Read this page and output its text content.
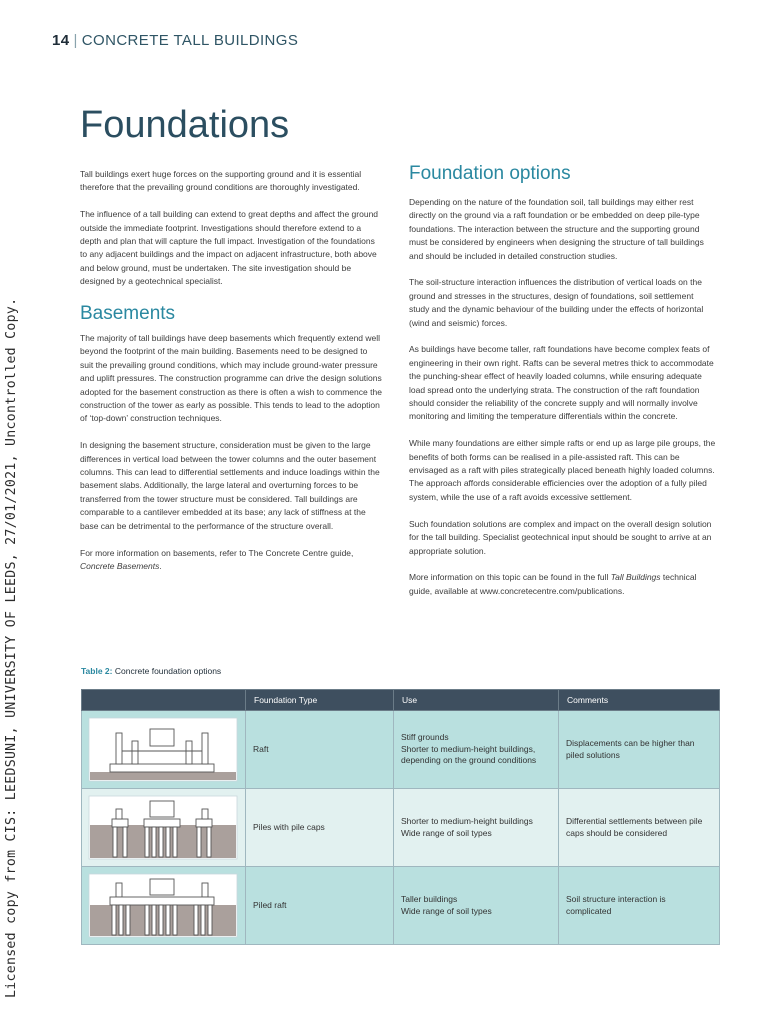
14 | CONCRETE TALL BUILDINGS
Licensed copy from CIS: LEEDSUNI, UNIVERSITY OF LEEDS, 27/01/2021, Uncontrolled Copy.
Foundations

Tall buildings exert huge forces on the supporting ground and it is essential therefore that the prevailing ground conditions are thoroughly investigated.

The influence of a tall building can extend to great depths and affect the ground outside the immediate footprint. Investigations should therefore extend to a depth and plan that will capture the full impact. Investigation of the foundations to any adjacent buildings and the impact on adjacent infrastructure, both above and below ground, must be undertaken. The site investigation should be designed by a geotechnical specialist.

Basements

The majority of tall buildings have deep basements which frequently extend well beyond the footprint of the main building. Basements need to be designed to suit the prevailing ground conditions, which may include ground-water pressure and uplift pressures. The construction programme can drive the design solutions adopted for the basement construction as there is often a wish to commence the construction of the tower as early as possible. This tends to lead to the adoption of ‘top-down’ construction techniques.

In designing the basement structure, consideration must be given to the large differences in vertical load between the tower columns and the outer basement columns. This can lead to differential settlements and induce loadings within the basement slabs. Additionally, the large lateral and overturning forces to be transferred from the tower structure must be considered. Tall buildings are comparable to a cantilever embedded at its base; any lack of stiffness at the base can be detrimental to the performance of the structure overall.

For more information on basements, refer to The Concrete Centre guide, Concrete Basements.

Foundation options

Depending on the nature of the foundation soil, tall buildings may either rest directly on the ground via a raft foundation or be embedded on deep pile-type foundations. The interaction between the structure and the supporting ground must be considered by engineers when designing the structure of tall buildings and should be included in detailed construction studies.

The soil-structure interaction influences the distribution of vertical loads on the ground and stresses in the structures, design of foundations, soil settlement study and the dynamic behaviour of the building under the effects of horizontal (wind and seismic) forces.

As buildings have become taller, raft foundations have become complex feats of engineering in their own right. Rafts can be several metres thick to accommodate the punching-shear effect of heavily loaded columns, while ensuring adequate load spread onto the underlying strata. The construction of the raft foundation should consider the reliability of the concrete supply and will normally involve monitoring and limiting the temperature differentials within the concrete.

While many foundations are either simple rafts or end up as large pile groups, the benefits of both forms can be realised in a pile-assisted raft. This can be envisaged as a raft with piles strategically placed beneath highly loaded columns. The approach affords considerable efficiencies over the adoption of a fully piled system, while the use of a raft avoids excessive settlement.

Such foundation solutions are complex and impact on the overall design solution for the tall building. Specialist geotechnical input should be sought to arrive at an appropriate solution.

More information on this topic can be found in the full Tall Buildings technical guide, available at www.concretecentre.com/publications.

Table 2: Concrete foundation options
	Foundation Type	Use	Comments

	Raft	Stiff grounds
Shorter to medium-height buildings, depending on the ground conditions	Displacements can be higher than piled solutions

	Piles with pile caps	Shorter to medium-height buildings
Wide range of soil types	Differential settlements between pile caps should be considered

	Piled raft	Taller buildings
Wide range of soil types	Soil structure interaction is complicated
